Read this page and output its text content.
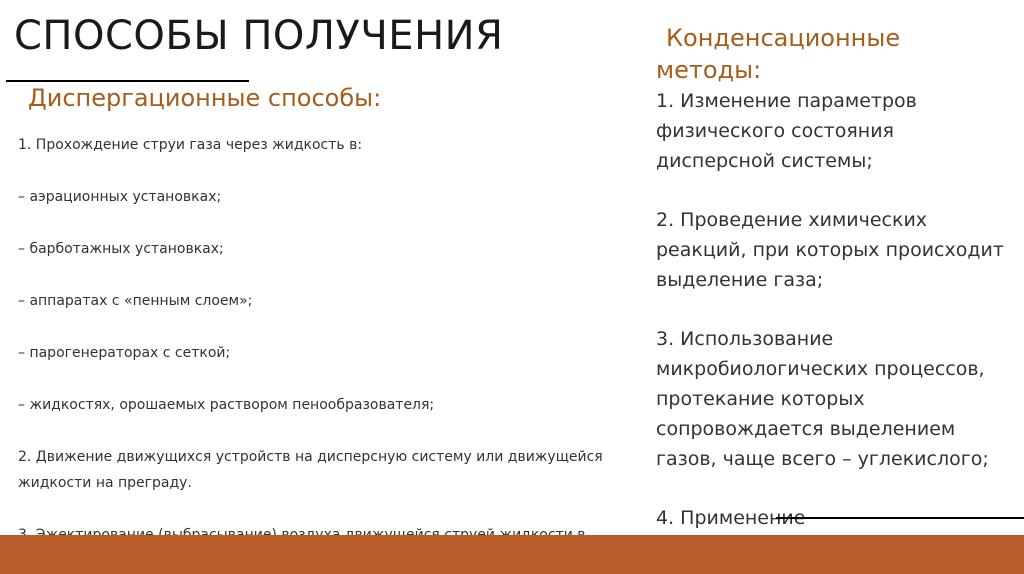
СПОСОБЫ ПОЛУЧЕНИЯ
Диспергационные способы:

1. Прохождение струи газа через жидкость в:

– аэрационных установках;

– барботажных установках;

– аппаратах с «пенным слоем»;

– парогенераторах с сеткой;

– жидкостях, орошаемых раствором пенообразователя;

2. Движение движущихся устройств на дисперсную систему или движущейся жидкости на преграду.

Конденсационные
методы:

1. Изменение параметров физического состояния дисперсной системы;

2. Проведение химических реакций, при которых происходит выделение газа;

3. Использование микробиологических процессов, протекание которых сопровождается выделением газов, чаще всего – углекислого;

4. Применение
